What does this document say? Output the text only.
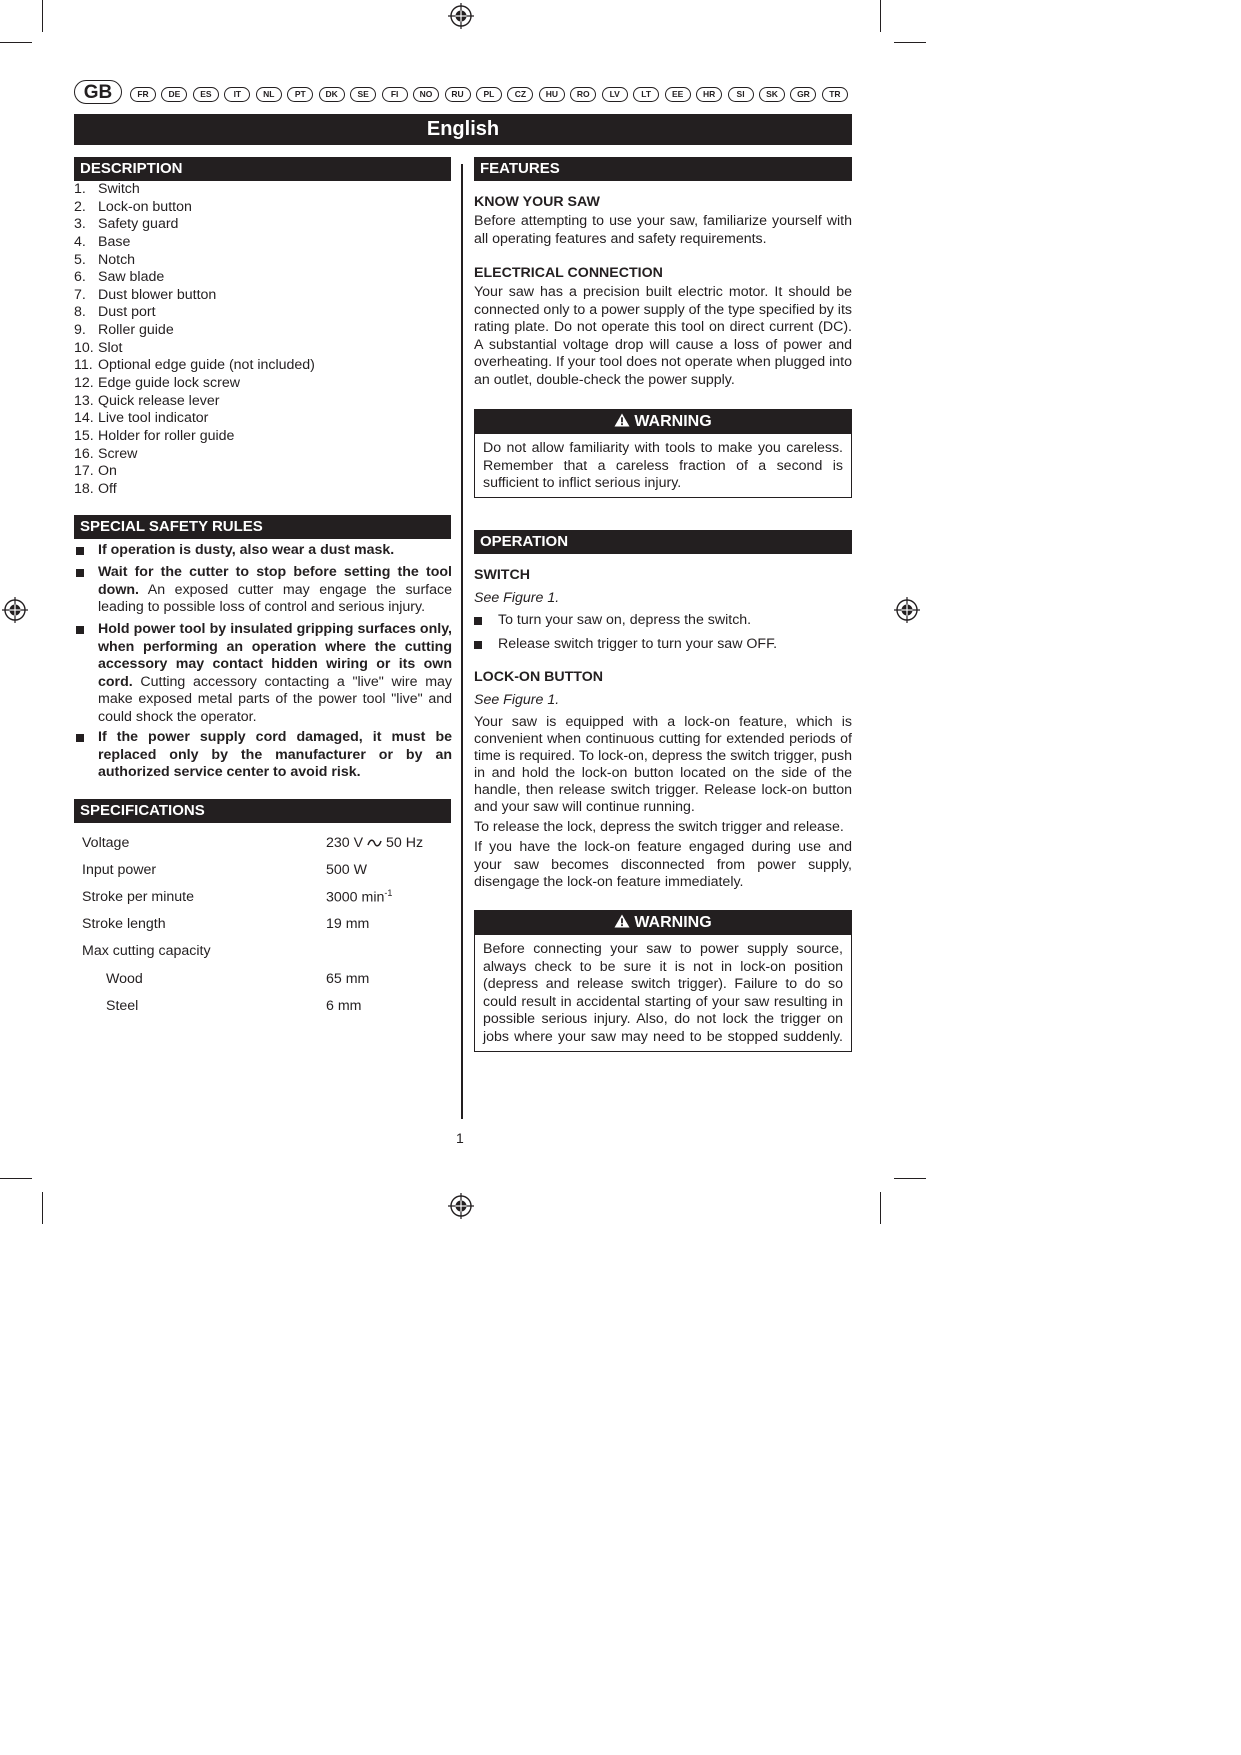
GB	FR	DE	ES	IT	NL	PT	DK	SE	FI	NO	RU	PL	CZ	HU	RO	LV	LT	EE	HR	SI	SK	GR	TR
English
DESCRIPTION
1. Switch
2. Lock-on button
3. Safety guard
4. Base
5. Notch
6. Saw blade
7. Dust blower button
8. Dust port
9. Roller guide
10. Slot
11. Optional edge guide (not included)
12. Edge guide lock screw
13. Quick release lever
14. Live tool indicator
15. Holder for roller guide
16. Screw
17. On
18. Off
SPECIAL SAFETY RULES

If operation is dusty, also wear a dust mask.

Wait for the cutter to stop before setting the tool down. An exposed cutter may engage the surface leading to possible loss of control and serious injury.

Hold power tool by insulated gripping surfaces only, when performing an operation where the cutting accessory may contact hidden wiring or its own cord. Cutting accessory contacting a "live" wire may make exposed metal parts of the power tool "live" and could shock the operator.

If the power supply cord damaged, it must be replaced only by the manufacturer or by an authorized service center to avoid risk.

SPECIFICATIONS
Voltage	230 V 50 Hz
Input power	500 W
Stroke per minute	3000 $\min^{-1}$
Stroke length	19 mm
Max cutting capacity	
Wood	65 mm
Steel	6 mm
FEATURES
KNOW YOUR SAW

Before attempting to use your saw, familiarize yourself with all operating features and safety requirements.

ELECTRICAL CONNECTION

Your saw has a precision built electric motor. It should be connected only to a power supply of the type specified by its rating plate. Do not operate this tool on direct current (DC). A substantial voltage drop will cause a loss of power and overheating. If your tool does not operate when plugged into an outlet, double-check the power supply.

WARNING
Do not allow familiarity with tools to make you careless. Remember that a careless fraction of a second is sufficient to inflict serious injury.
OPERATION
SWITCH

See Figure 1.

To turn your saw on, depress the switch.

Release switch trigger to turn your saw OFF.

LOCK-ON BUTTON

See Figure 1.

Your saw is equipped with a lock-on feature, which is convenient when continuous cutting for extended periods of time is required. To lock-on, depress the switch trigger, push in and hold the lock-on button located on the side of the handle, then release switch trigger. Release lock-on button and your saw will continue running.

To release the lock, depress the switch trigger and release.

If you have the lock-on feature engaged during use and your saw becomes disconnected from power supply, disengage the lock-on feature immediately.

WARNING
Before connecting your saw to power supply source, always check to be sure it is not in lock-on position (depress and release switch trigger). Failure to do so could result in accidental starting of your saw resulting in possible serious injury. Also, do not lock the trigger on jobs where your saw may need to be stopped suddenly.
1
